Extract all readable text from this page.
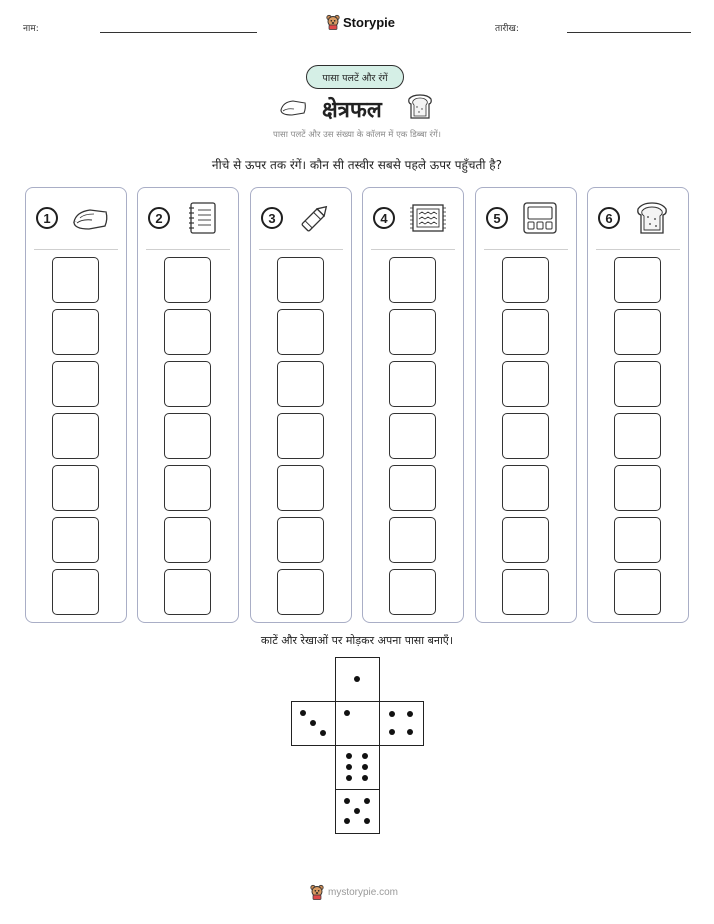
नाम:	Storypie	तारीख:
पासा पलटें और रंगें
क्षेत्रफल
पासा पलटें और उस संख्या के कॉलम में एक डिब्बा रंगें।
नीचे से ऊपर तक रंगें। कौन सी तस्वीर सबसे पहले ऊपर पहुँचती है?
1	2	3	4	5	6
काटें और रेखाओं पर मोड़कर अपना पासा बनाएँ।
mystorypie.com
